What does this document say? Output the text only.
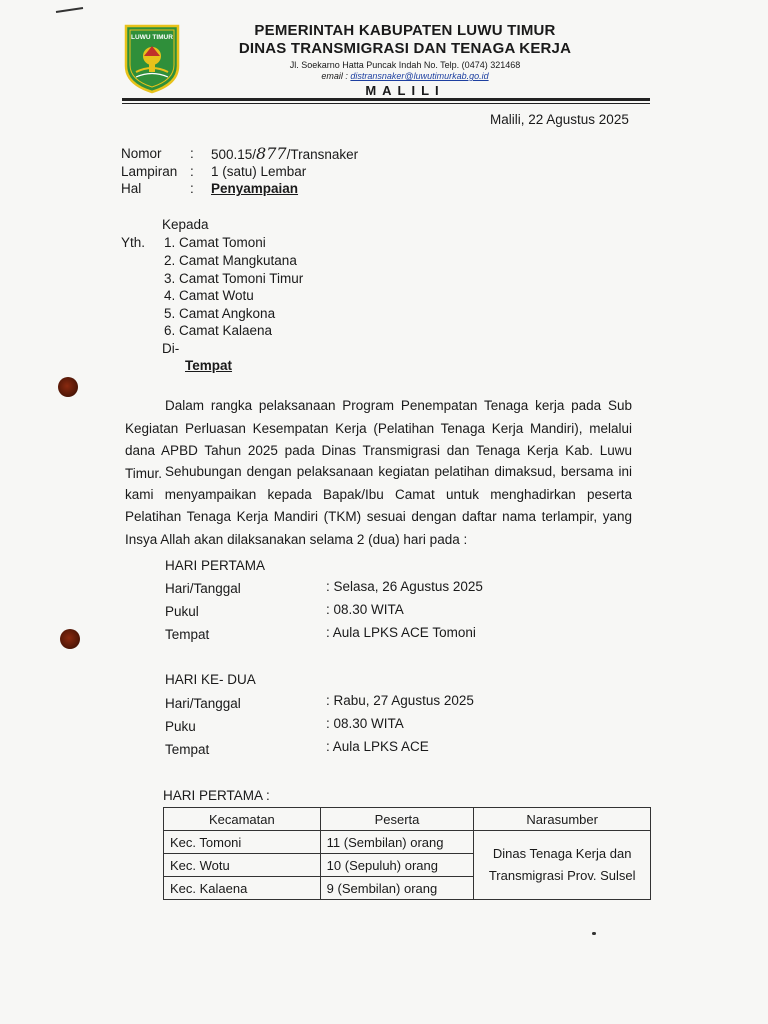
LUWU TIMUR	PEMERINTAH KABUPATEN LUWU TIMUR
DINAS TRANSMIGRASI DAN TENAGA KERJA
Jl. Soekarno Hatta Puncak Indah No. Telp. (0474) 321468
email : distransnaker@luwutimurkab.go.id
MALILI
Malili, 22 Agustus 2025
Nomor : 500.15/877/Transnaker
Lampiran : 1 (satu) Lembar
Hal	: Penyampaian
Kepada
Yth. 1. Camat Tomoni
2. Camat Mangkutana
3. Camat Tomoni Timur
4. Camat Wotu
5. Camat Angkona
6. Camat Kalaena
Di-
Tempat
Dalam rangka pelaksanaan Program Penempatan Tenaga kerja pada Sub Kegiatan Perluasan Kesempatan Kerja (Pelatihan Tenaga Kerja Mandiri), melalui dana APBD Tahun 2025 pada Dinas Transmigrasi dan Tenaga Kerja Kab. Luwu Timur. Sehubungan dengan pelaksanaan kegiatan pelatihan dimaksud, bersama ini kami menyampaikan kepada Bapak/Ibu Camat untuk menghadirkan peserta Pelatihan Tenaga Kerja Mandiri (TKM) sesuai dengan daftar nama terlampir, yang Insya Allah akan dilaksanakan selama 2 (dua) hari pada :
HARI PERTAMA
Hari/Tanggal	: Selasa, 26 Agustus 2025
Pukul	: 08.30 WITA
Tempat	: Aula LPKS ACE Tomoni
HARI KE- DUA
Hari/Tanggal	: Rabu, 27 Agustus 2025
Puku	: 08.30 WITA
Tempat	: Aula LPKS ACE
HARI PERTAMA :
Kecamatan	Peserta	Narasumber
Kec. Tomoni	11 (Sembilan) orang	Dinas Tenaga Kerja dan
Transmigrasi Prov. Sulsel

Kec. Wotu	10 (Sepuluh) orang	
Kec. Kalaena	9 (Sembilan) orang	
